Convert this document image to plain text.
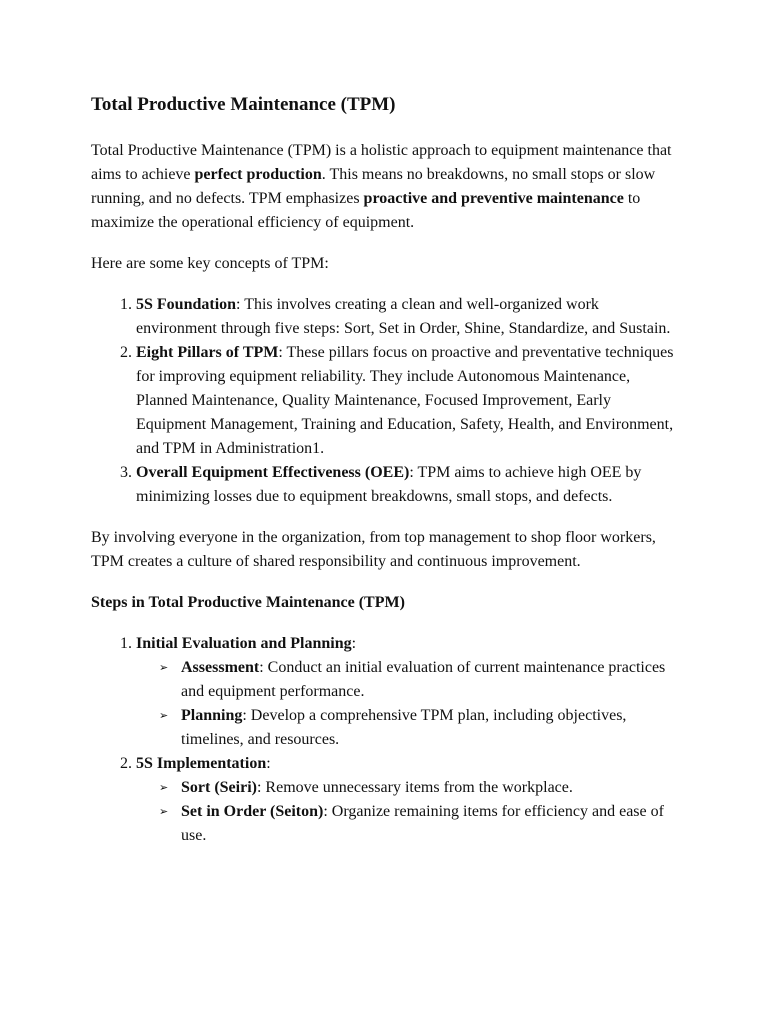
Total Productive Maintenance (TPM)

Total Productive Maintenance (TPM) is a holistic approach to equipment maintenance that aims to achieve perfect production. This means no breakdowns, no small stops or slow running, and no defects. TPM emphasizes proactive and preventive maintenance to maximize the operational efficiency of equipment.

Here are some key concepts of TPM:

1. 5S Foundation: This involves creating a clean and well-organized work environment through five steps: Sort, Set in Order, Shine, Standardize, and Sustain.
2. Eight Pillars of TPM: These pillars focus on proactive and preventative techniques for improving equipment reliability. They include Autonomous Maintenance, Planned Maintenance, Quality Maintenance, Focused Improvement, Early Equipment Management, Training and Education, Safety, Health, and Environment, and TPM in Administration1.
3. Overall Equipment Effectiveness (OEE): TPM aims to achieve high OEE by minimizing losses due to equipment breakdowns, small stops, and defects.

By involving everyone in the organization, from top management to shop floor workers, TPM creates a culture of shared responsibility and continuous improvement.

Steps in Total Productive Maintenance (TPM)
1. Initial Evaluation and Planning:
➢ Assessment: Conduct an initial evaluation of current maintenance practices and equipment performance.
➢ Planning: Develop a comprehensive TPM plan, including objectives, timelines, and resources.
2. 5S Implementation:
➢ Sort (Seiri): Remove unnecessary items from the workplace.
➢ Set in Order (Seiton): Organize remaining items for efficiency and ease of use.
